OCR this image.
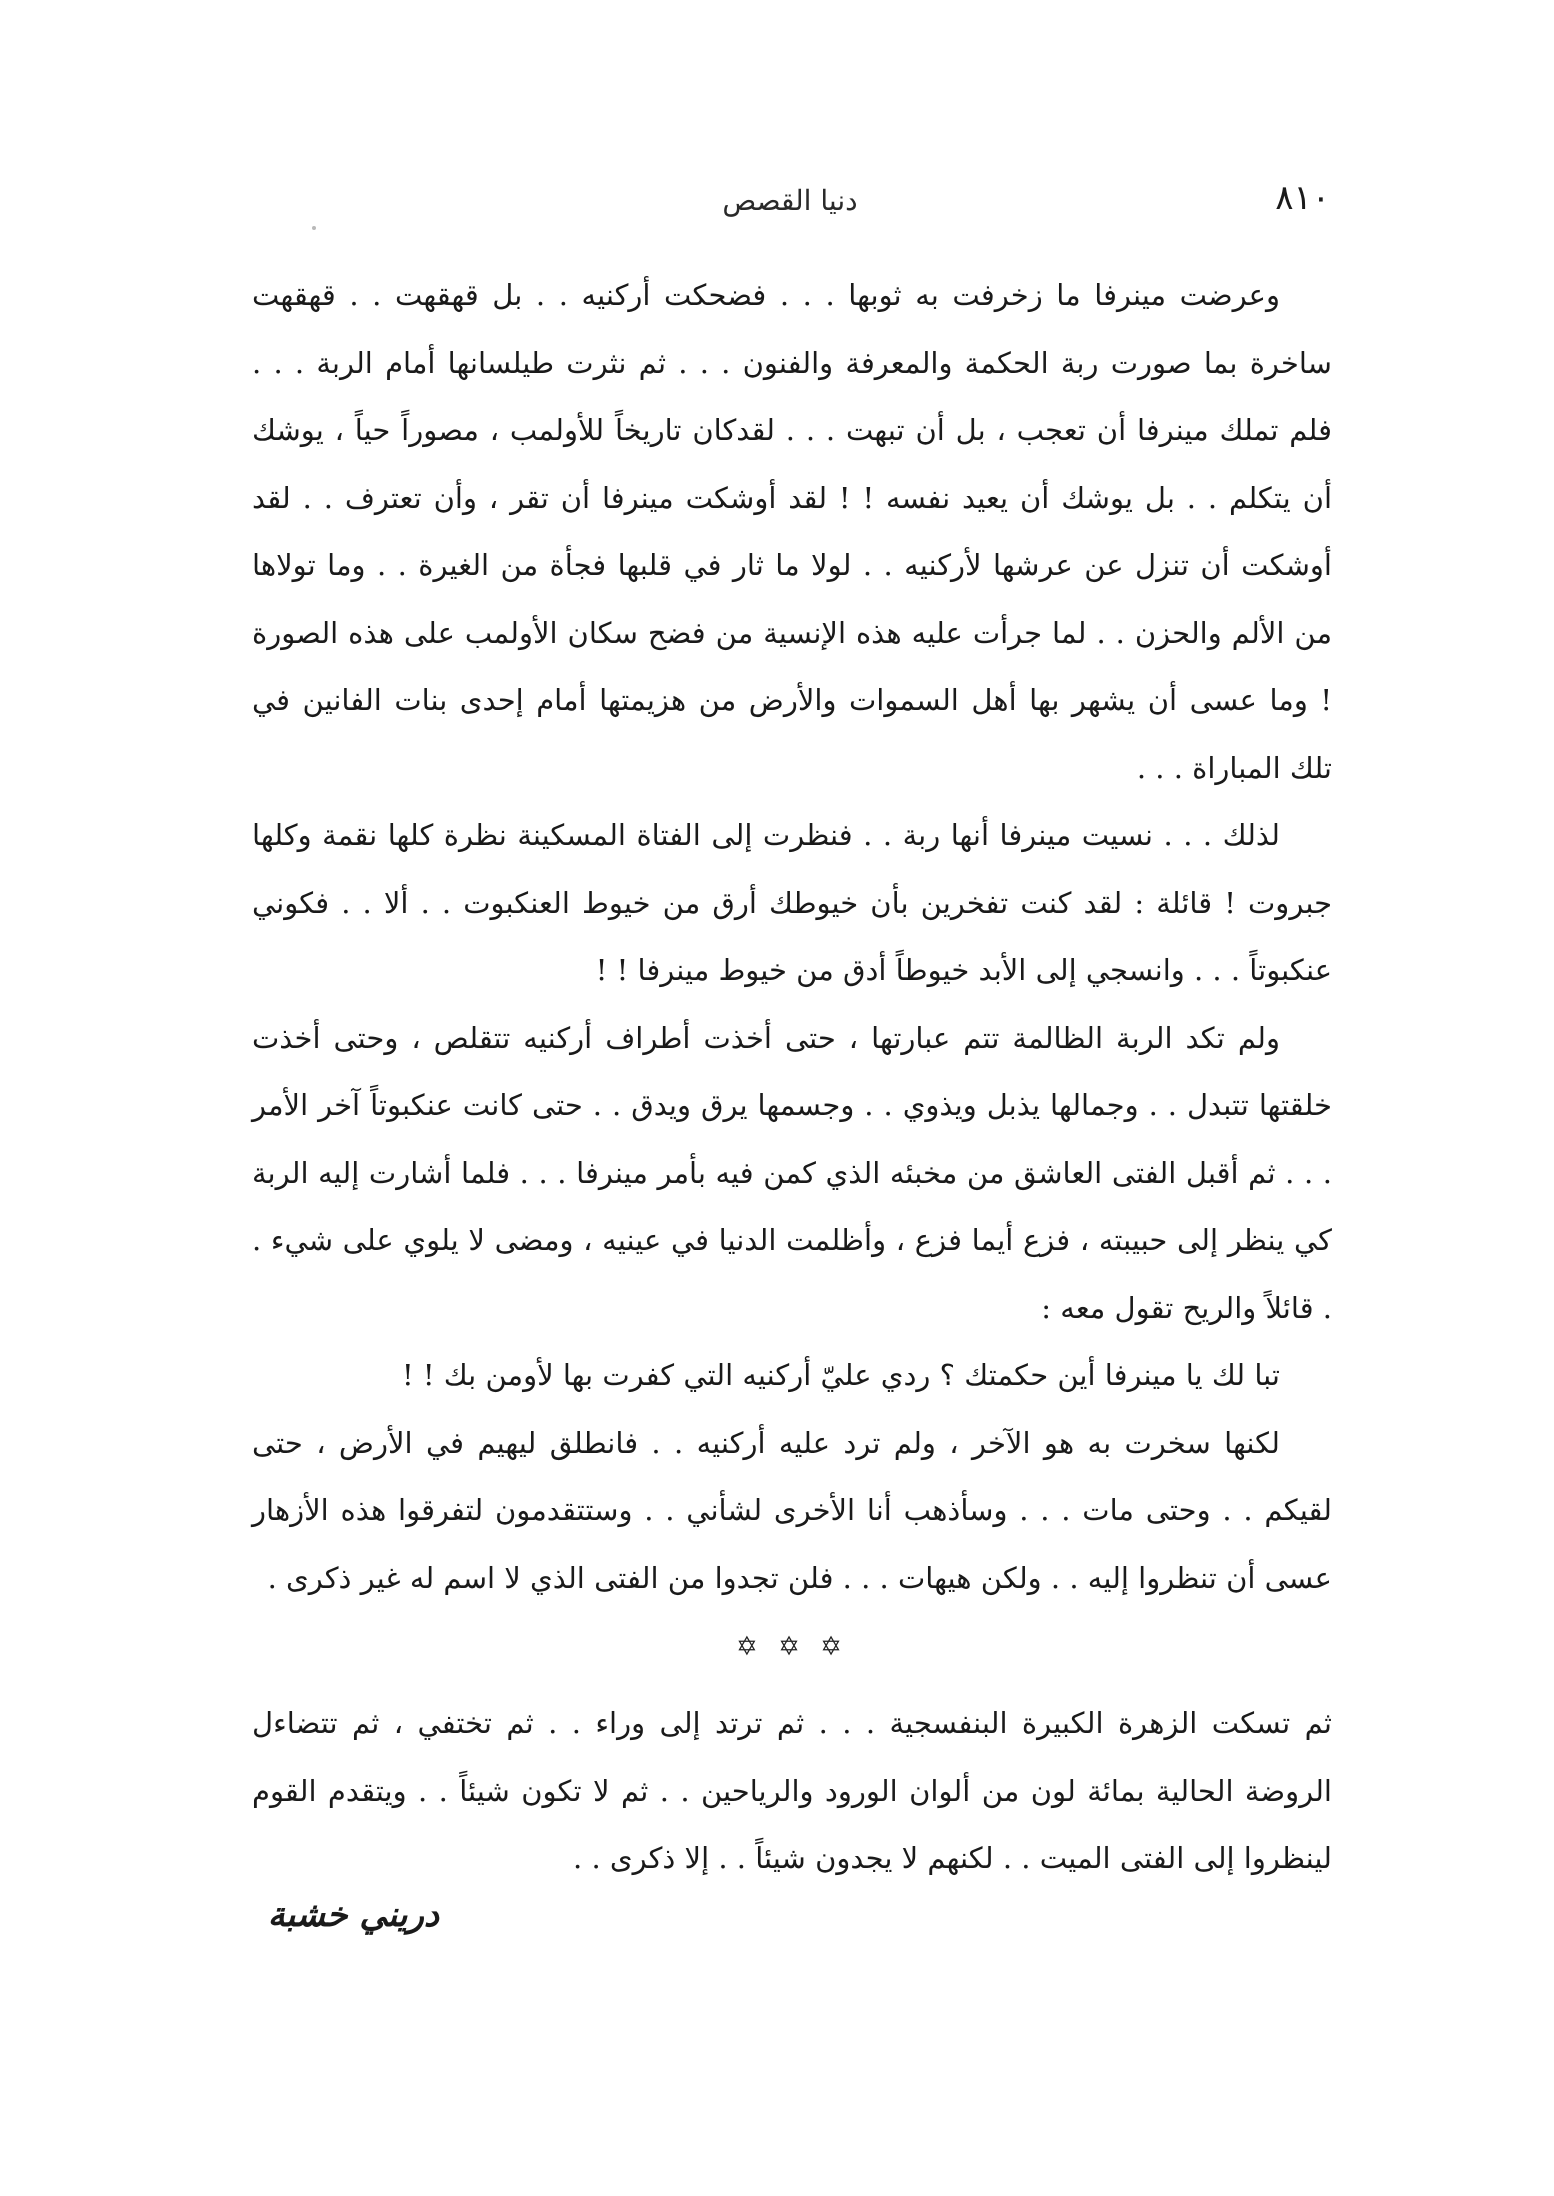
٨١٠
دنيا القصص

وعرضت مينرفا ما زخرفت به ثوبها . . . فضحكت أركنيه . . بل قهقهت . . قهقهت ساخرة بما صورت ربة الحكمة والمعرفة والفنون . . . ثم نثرت طيلسانها أمام الربة . . . فلم تملك مينرفا أن تعجب ، بل أن تبهت . . . لقدكان تاريخاً للأولمب ، مصوراً حياً ، يوشك أن يتكلم . . بل يوشك أن يعيد نفسه ! ! لقد أوشكت مينرفا أن تقر ، وأن تعترف . . لقد أوشكت أن تنزل عن عرشها لأركنيه . . لولا ما ثار في قلبها فجأة من الغيرة . . وما تولاها من الألم والحزن . . لما جرأت عليه هذه الإنسية من فضح سكان الأولمب على هذه الصورة ! وما عسى أن يشهر بها أهل السموات والأرض من هزيمتها أمام إحدى بنات الفانين في تلك المباراة . . .

لذلك . . . نسيت مينرفا أنها ربة . . فنظرت إلى الفتاة المسكينة نظرة كلها نقمة وكلها جبروت ! قائلة : لقد كنت تفخرين بأن خيوطك أرق من خيوط العنكبوت . . ألا . . فكوني عنكبوتاً . . . وانسجي إلى الأبد خيوطاً أدق من خيوط مينرفا ! !

ولم تكد الربة الظالمة تتم عبارتها ، حتى أخذت أطراف أركنيه تتقلص ، وحتى أخذت خلقتها تتبدل . . وجمالها يذبل ويذوي . . وجسمها يرق ويدق . . حتى كانت عنكبوتاً آخر الأمر . . . ثم أقبل الفتى العاشق من مخبئه الذي كمن فيه بأمر مينرفا . . . فلما أشارت إليه الربة كي ينظر إلى حبيبته ، فزع أيما فزع ، وأظلمت الدنيا في عينيه ، ومضى لا يلوي على شيء . . قائلاً والريح تقول معه :

تبا لك يا مينرفا أين حكمتك ؟ ردي عليّ أركنيه التي كفرت بها لأومن بك ! !

لكنها سخرت به هو الآخر ، ولم ترد عليه أركنيه . . فانطلق ليهيم في الأرض ، حتى لقيكم . . وحتى مات . . . وسأذهب أنا الأخرى لشأني . . وستتقدمون لتفرقوا هذه الأزهار عسى أن تنظروا إليه . . ولكن هيهات . . . فلن تجدوا من الفتى الذي لا اسم له غير ذكرى .

✡ ✡ ✡

ثم تسكت الزهرة الكبيرة البنفسجية . . . ثم ترتد إلى وراء . . ثم تختفي ، ثم تتضاءل الروضة الحالية بمائة لون من ألوان الورود والرياحين . . ثم لا تكون شيئاً . . ويتقدم القوم لينظروا إلى الفتى الميت . . لكنهم لا يجدون شيئاً . . إلا ذكرى . .

دريني خشبة
